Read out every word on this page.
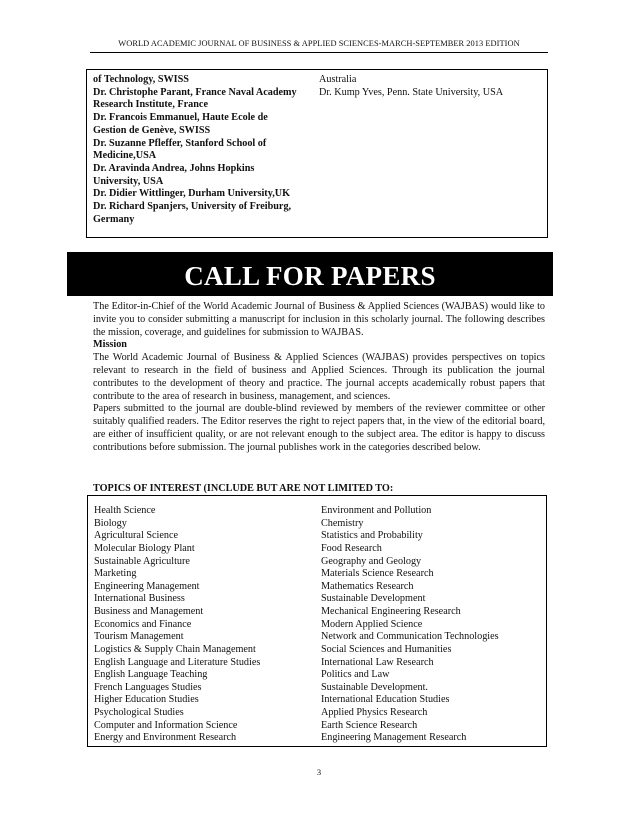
WORLD ACADEMIC JOURNAL OF BUSINESS & APPLIED SCIENCES-MARCH-SEPTEMBER 2013 EDITION
of Technology, SWISS
Dr. Christophe Parant, France Naval Academy
Research Institute, France
Dr. Francois Emmanuel, Haute Ecole de
Gestion de Genève, SWISS
Dr. Suzanne Pfleffer, Stanford School of
Medicine,USA
Dr. Aravinda Andrea, Johns Hopkins
University, USA
Dr. Didier Wittlinger, Durham University,UK
Dr. Richard Spanjers, University of Freiburg,
Germany
Australia
Dr. Kump Yves, Penn. State University, USA
CALL FOR PAPERS

The Editor-in-Chief of the World Academic Journal of Business & Applied Sciences (WAJBAS) would like to invite you to consider submitting a manuscript for inclusion in this scholarly journal. The following describes the mission, coverage, and guidelines for submission to WAJBAS.

Mission

The World Academic Journal of Business & Applied Sciences (WAJBAS) provides perspectives on topics relevant to research in the field of business and Applied Sciences. Through its publication the journal contributes to the development of theory and practice. The journal accepts academically robust papers that contribute to the area of research in business, management, and sciences.

Papers submitted to the journal are double-blind reviewed by members of the reviewer committee or other suitably qualified readers. The Editor reserves the right to reject papers that, in the view of the editorial board, are either of insufficient quality, or are not relevant enough to the subject area. The editor is happy to discuss contributions before submission. The journal publishes work in the categories described below.

TOPICS OF INTEREST (INCLUDE BUT ARE NOT LIMITED TO:
Health Science
Biology
Agricultural Science
Molecular Biology Plant
Sustainable Agriculture
Marketing
Engineering Management
International Business
Business and Management
Economics and Finance
Tourism Management
Logistics & Supply Chain Management
English Language and Literature Studies
English Language Teaching
French Languages Studies
Higher Education Studies
Psychological Studies
Computer and Information Science
Energy and Environment Research
Environment and Pollution
Chemistry
Statistics and Probability
Food Research
Geography and Geology
Materials Science Research
Mathematics Research
Sustainable Development
Mechanical Engineering Research
Modern Applied Science
Network and Communication Technologies
Social Sciences and Humanities
International Law Research
Politics and Law
Sustainable Development.
International Education Studies
Applied Physics Research
Earth Science Research
Engineering Management Research
3
